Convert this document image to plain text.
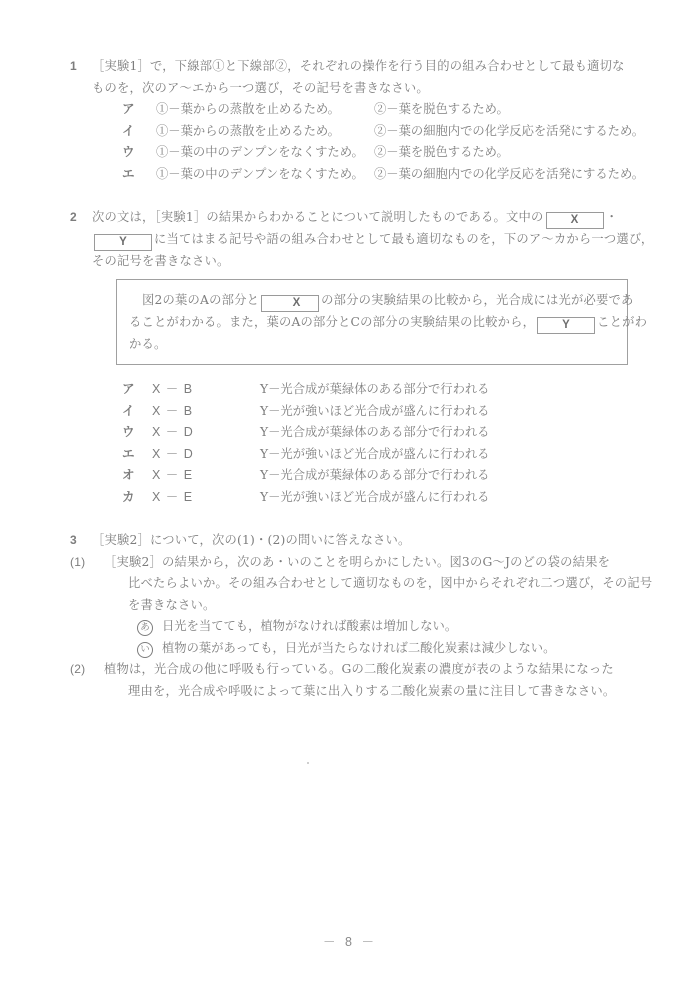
1 ［実験1］で，下線部①と下線部②，それぞれの操作を行う目的の組み合わせとして最も適切な
ものを，次のア～エから一つ選び，その記号を書きなさい。
ア ①－葉からの蒸散を止めるため。	②－葉を脱色するため。
イ ①－葉からの蒸散を止めるため。	②－葉の細胞内での化学反応を活発にするため。
ウ ①－葉の中のデンプンをなくすため。 ②－葉を脱色するため。
エ ①－葉の中のデンプンをなくすため。 ②－葉の細胞内での化学反応を活発にするため。
2 次の文は，［実験1］の結果からわかることについて説明したものである。文中の X ・
Y に当てはまる記号や語の組み合わせとして最も適切なものを，下のア～カから一つ選び，
その記号を書きなさい。
図2の葉のAの部分と	X の部分の実験結果の比較から，光合成には光が必要であ
ることがわかる。また，葉のAの部分とCの部分の実験結果の比較から， Y ことがわ
かる。
ア X － B	Y－光合成が葉緑体のある部分で行われる
イ X － B	Y－光が強いほど光合成が盛んに行われる
ウ X － D	Y－光合成が葉緑体のある部分で行われる
エ X － D	Y－光が強いほど光合成が盛んに行われる
オ X － E	Y－光合成が葉緑体のある部分で行われる
カ X － E	Y－光が強いほど光合成が盛んに行われる
3 ［実験2］について，次の(1)・(2)の問いに答えなさい。
(1) ［実験2］の結果から，次のあ・いのことを明らかにしたい。図3のG～Jのどの袋の結果を
比べたらよいか。その組み合わせとして適切なものを，図中からそれぞれ二つ選び，その記号
を書きなさい。
あ 日光を当てても，植物がなければ酸素は増加しない。
い 植物の葉があっても，日光が当たらなければ二酸化炭素は減少しない。
(2) 植物は，光合成の他に呼吸も行っている。Gの二酸化炭素の濃度が表のような結果になった
理由を，光合成や呼吸によって葉に出入りする二酸化炭素の量に注目して書きなさい。
－ 8 －
